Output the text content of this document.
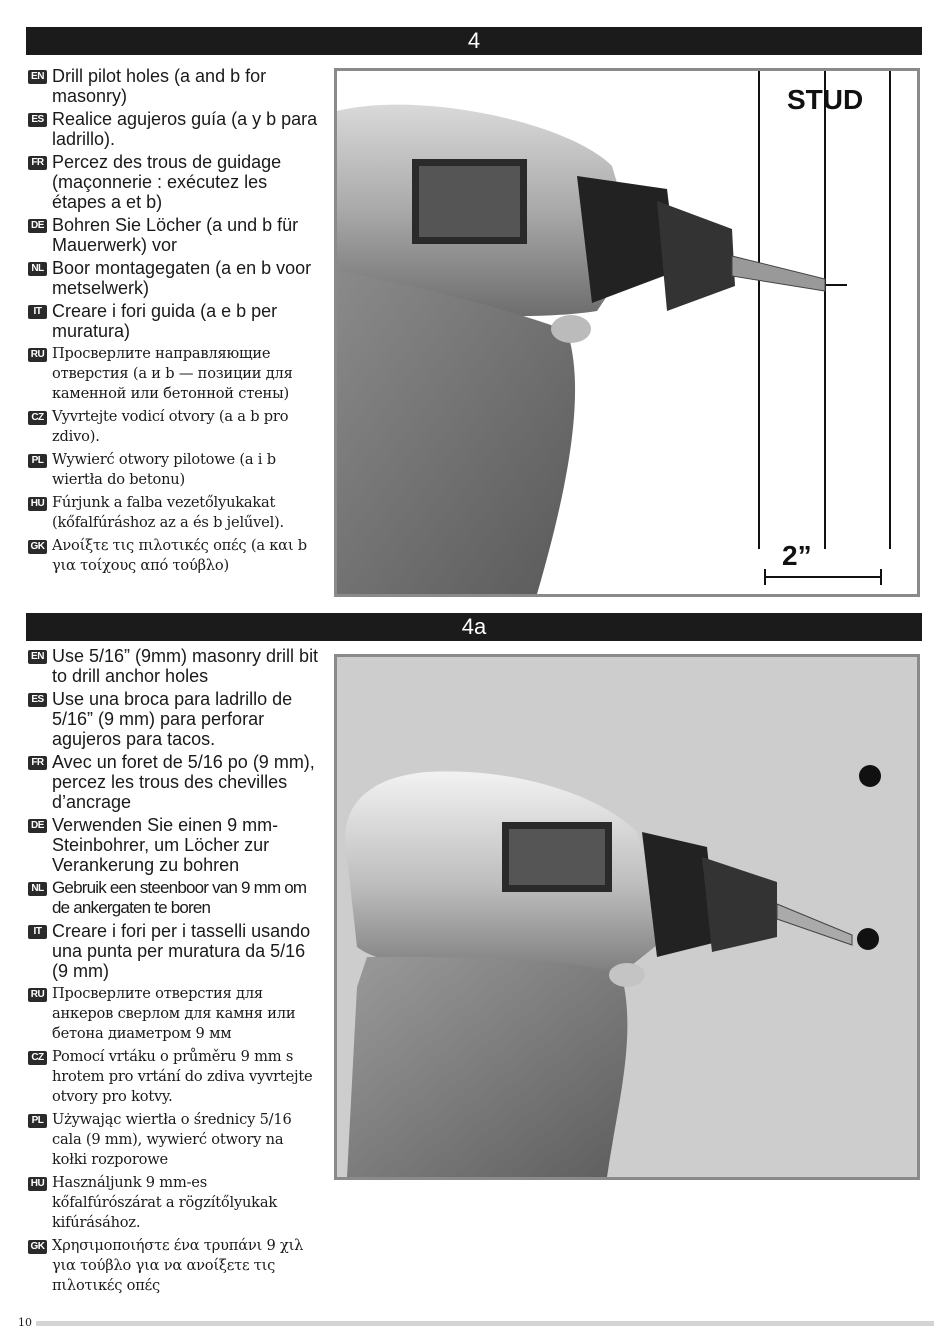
4
EN Drill pilot holes (a and b for masonry)
ES Realice agujeros guía (a y b para ladrillo).
FR Percez des trous de guidage (maçonnerie : exécutez les étapes a et b)
DE Bohren Sie Löcher (a und b für Mauerwerk) vor
NL Boor montagegaten (a en b voor metselwerk)
IT Creare i fori guida (a e b per muratura)
RU Просверлите направляющие отверстия (а и b — позиции для каменной или бетонной стены)
CZ Vyvrtejte vodicí otvory (a a b pro zdivo).
PL Wywierć otwory pilotowe (a i b wiertła do betonu)
HU Fúrjunk a falba vezetőlyukakat (kőfalfúráshoz az a és b jelűvel).
GK Ανοίξτε τις πιλοτικές οπές (a και b για τοίχους από τούβλο)
STUD
2”
4a
EN Use 5/16” (9mm) masonry drill bit to drill anchor holes
ES Use una broca para ladrillo de 5/16” (9 mm) para perforar agujeros para tacos.
FR Avec un foret de 5/16 po (9 mm), percez les trous des chevilles d’ancrage
DE Verwenden Sie einen 9 mm-Steinbohrer, um Löcher zur Verankerung zu bohren
NL Gebruik een steenboor van 9 mm om de ankergaten te boren
IT Creare i fori per i tasselli usando una punta per muratura da 5/16 (9 mm)
RU Просверлите отверстия для анкеров сверлом для камня или бетона диаметром 9 мм
CZ Pomocí vrtáku o průměru 9 mm s hrotem pro vrtání do zdiva vyvrtejte otvory pro kotvy.
PL Używając wiertła o średnicy 5/16 cala (9 mm), wywierć otwory na kołki rozporowe
HU Használjunk 9 mm-es kőfalfúrószárat a rögzítőlyukak kifúrásához.
GK Χρησιμοποιήστε ένα τρυπάνι 9 χιλ για τούβλο για να ανοίξετε τις πιλοτικές οπές
10
